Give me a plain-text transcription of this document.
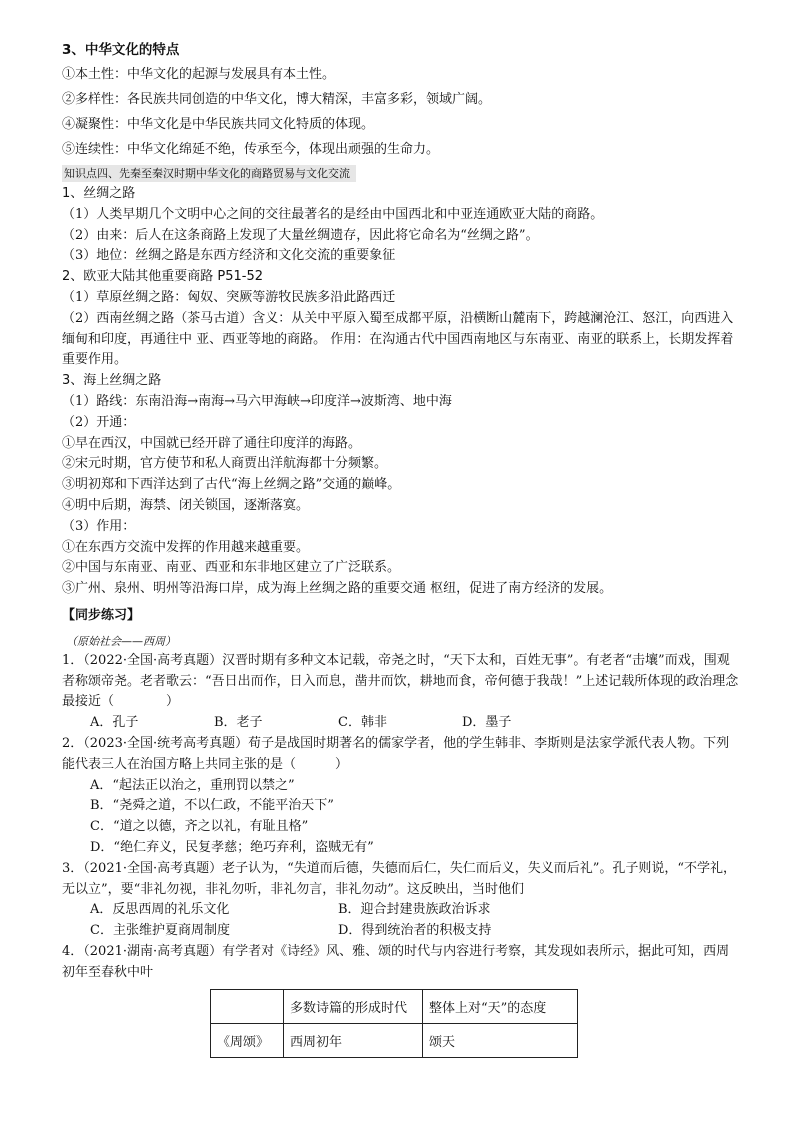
3、中华文化的特点
①本土性：中华文化的起源与发展具有本土性。
②多样性：各民族共同创造的中华文化，博大精深，丰富多彩，领域广阔。
④凝聚性：中华文化是中华民族共同文化特质的体现。
⑤连续性：中华文化绵延不绝，传承至今，体现出顽强的生命力。
知识点四、先秦至秦汉时期中华文化的商路贸易与文化交流
1、丝绸之路
（1）人类早期几个文明中心之间的交往最著名的是经由中国西北和中亚连通欧亚大陆的商路。
（2）由来：后人在这条商路上发现了大量丝绸遗存，因此将它命名为“丝绸之路”。
（3）地位：丝绸之路是东西方经济和文化交流的重要象征
2、欧亚大陆其他重要商路 P51-52
（1）草原丝绸之路：匈奴、突厥等游牧民族多沿此路西迁
（2）西南丝绸之路（茶马古道）含义：从关中平原入蜀至成都平原，沿横断山麓南下，跨越澜沧江、怒江，向西进入缅甸和印度，再通往中 亚、西亚等地的商路。 作用：在沟通古代中国西南地区与东南亚、南亚的联系上，长期发挥着重要作用。
3、海上丝绸之路
（1）路线：东南沿海→南海→马六甲海峡→印度洋→波斯湾、地中海
（2）开通：
①早在西汉，中国就已经开辟了通往印度洋的海路。
②宋元时期，官方使节和私人商贾出洋航海都十分频繁。
③明初郑和下西洋达到了古代“海上丝绸之路”交通的巅峰。
④明中后期，海禁、闭关锁国，逐渐落寞。
（3）作用：
①在东西方交流中发挥的作用越来越重要。
②中国与东南亚、南亚、西亚和东非地区建立了广泛联系。
③广州、泉州、明州等沿海口岸，成为海上丝绸之路的重要交通 枢纽，促进了南方经济的发展。
【同步练习】
（原始社会——西周）
1．（2022·全国·高考真题）汉晋时期有多种文本记载，帝尧之时，“天下太和，百姓无事”。有老者“击壤”而戏，围观者称颂帝尧。老者歌云：“吾日出而作，日入而息，凿井而饮，耕地而食，帝何德于我哉！”上述记载所体现的政治理念最接近（　　　　）
A．孔子	B．老子	C．韩非	D．墨子
2．（2023·全国·统考高考真题）荀子是战国时期著名的儒家学者，他的学生韩非、李斯则是法家学派代表人物。下列能代表三人在治国方略上共同主张的是（　　　）
A．“起法正以治之，重刑罚以禁之”
B．“尧舜之道，不以仁政，不能平治天下”
C．“道之以德，齐之以礼，有耻且格”
D．“绝仁弃义，民复孝慈；绝巧弃利，盗贼无有”
3．（2021·全国·高考真题）老子认为，“失道而后德，失德而后仁，失仁而后义，失义而后礼”。孔子则说，“不学礼，无以立”，要“非礼勿视，非礼勿听，非礼勿言，非礼勿动”。这反映出，当时他们
A．反思西周的礼乐文化	B．迎合封建贵族政治诉求
C．主张维护夏商周制度	D．得到统治者的积极支持
4．（2021·湖南·高考真题）有学者对《诗经》风、雅、颂的时代与内容进行考察，其发现如表所示，据此可知，西周初年至春秋中叶
	多数诗篇的形成时代	整体上对“天”的态度
《周颂》	西周初年	颂天
